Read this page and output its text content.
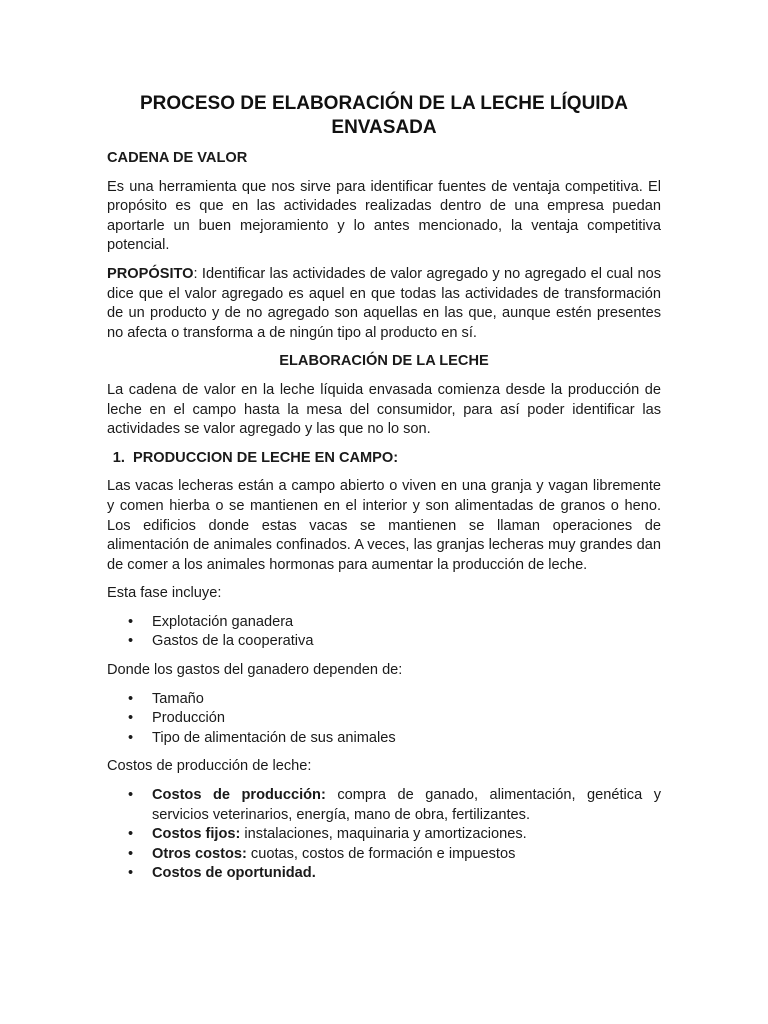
PROCESO DE ELABORACIÓN DE LA LECHE LÍQUIDA
ENVASADA
CADENA DE VALOR

Es una herramienta que nos sirve para identificar fuentes de ventaja competitiva. El propósito es que en las actividades realizadas dentro de una empresa puedan aportarle un buen mejoramiento y lo antes mencionado, la ventaja competitiva potencial.

PROPÓSITO: Identificar las actividades de valor agregado y no agregado el cual nos dice que el valor agregado es aquel en que todas las actividades de transformación de un producto y de no agregado son aquellas en las que, aunque estén presentes no afecta o transforma a de ningún tipo al producto en sí.

ELABORACIÓN DE LA LECHE

La cadena de valor en la leche líquida envasada comienza desde la producción de leche en el campo hasta la mesa del consumidor, para así poder identificar las actividades se valor agregado y las que no lo son.

1. PRODUCCION DE LECHE EN CAMPO:

Las vacas lecheras están a campo abierto o viven en una granja y vagan libremente y comen hierba o se mantienen en el interior y son alimentadas de granos o heno. Los edificios donde estas vacas se mantienen se llaman operaciones de alimentación de animales confinados. A veces, las granjas lecheras muy grandes dan de comer a los animales hormonas para aumentar la producción de leche.

Esta fase incluye:

• Explotación ganadera
• Gastos de la cooperativa

Donde los gastos del ganadero dependen de:

• Tamaño
• Producción
• Tipo de alimentación de sus animales

Costos de producción de leche:

• Costos de producción: compra de ganado, alimentación, genética y servicios veterinarios, energía, mano de obra, fertilizantes.
• Costos fijos: instalaciones, maquinaria y amortizaciones.
• Otros costos: cuotas, costos de formación e impuestos
• Costos de oportunidad.
